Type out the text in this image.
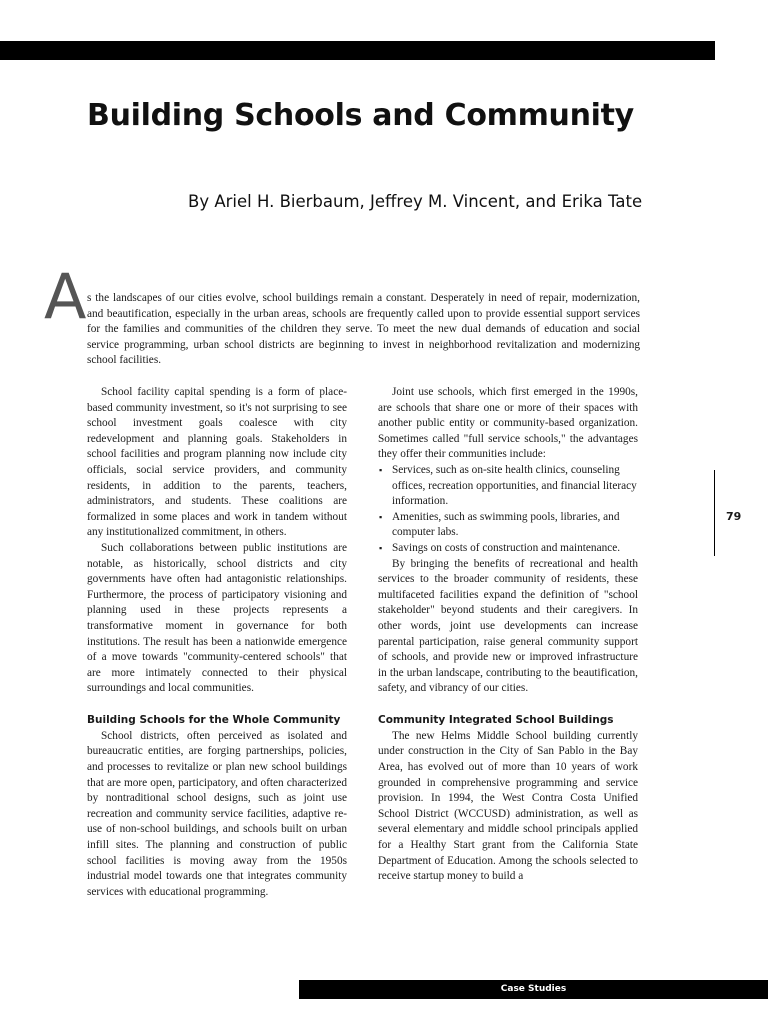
Building Schools and Community
By Ariel H. Bierbaum, Jeffrey M. Vincent, and Erika Tate
A s the landscapes of our cities evolve, school buildings remain a constant. Desperately in need of repair, modernization, and beautification, especially in the urban areas, schools are frequently called upon to provide essential support services for the families and communities of the children they serve. To meet the new dual demands of education and social service programming, urban school districts are beginning to invest in neighborhood revitalization and modernizing school facilities.

School facility capital spending is a form of place-based community investment, so it's not surprising to see school investment goals coalesce with city redevelopment and planning goals. Stakeholders in school facilities and program planning now include city officials, social service providers, and community residents, in addition to the parents, teachers, administrators, and students. These coalitions are formalized in some places and work in tandem without any institutionalized commitment, in others.

Such collaborations between public institutions are notable, as historically, school districts and city governments have often had antagonistic relationships. Furthermore, the process of participatory visioning and planning used in these projects represents a transformative moment in governance for both institutions. The result has been a nationwide emergence of a move towards "community-centered schools" that are more intimately connected to their physical surroundings and local communities.

Building Schools for the Whole Community

School districts, often perceived as isolated and bureaucratic entities, are forging partnerships, policies, and processes to revitalize or plan new school buildings that are more open, participatory, and often characterized by nontraditional school designs, such as joint use recreation and community service facilities, adaptive re-use of non-school buildings, and schools built on urban infill sites. The planning and construction of public school facilities is moving away from the 1950s industrial model towards one that integrates community services with educational programming.

Joint use schools, which first emerged in the 1990s, are schools that share one or more of their spaces with another public entity or community-based organization. Sometimes called "full service schools," the advantages they offer their communities include:

▪ Services, such as on-site health clinics, counseling offices, recreation opportunities, and financial literacy information.
▪ Amenities, such as swimming pools, libraries, and computer labs.
▪ Savings on costs of construction and maintenance.

By bringing the benefits of recreational and health services to the broader community of residents, these multifaceted facilities expand the definition of "school stakeholder" beyond students and their caregivers. In other words, joint use developments can increase parental participation, raise general community support of schools, and provide new or improved infrastructure in the urban landscape, contributing to the beautification, safety, and vibrancy of our cities.

Community Integrated School Buildings

The new Helms Middle School building currently under construction in the City of San Pablo in the Bay Area, has evolved out of more than 10 years of work grounded in comprehensive programming and service provision. In 1994, the West Contra Costa Unified School District (WCCUSD) administration, as well as several elementary and middle school principals applied for a Healthy Start grant from the California State Department of Education. Among the schools selected to receive startup money to build a

79
Case Studies
